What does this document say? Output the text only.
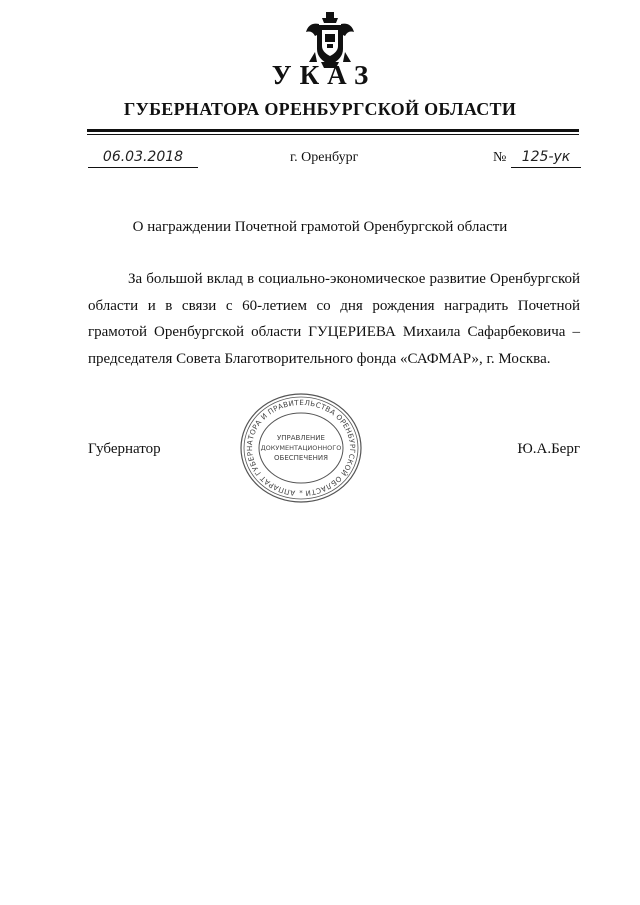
УКАЗ
ГУБЕРНАТОРА ОРЕНБУРГСКОЙ ОБЛАСТИ
06.03.2018	г. Оренбург	№	125-ук
О награждении Почетной грамотой Оренбургской области
За большой вклад в социально-экономическое развитие Оренбургской области и в связи с 60-летием со дня рождения наградить Почетной грамотой Оренбургской области ГУЦЕРИЕВА Михаила Сафарбековича – председателя Совета Благотворительного фонда «САФМАР», г. Москва.
Губернатор	Ю.А.Берг
АППАРАТ ГУБЕРНАТОРА И ПРАВИТЕЛЬСТВА ОРЕНБУРГСКОЙ ОБЛАСТИ
УПРАВЛЕНИЕ
ДОКУМЕНТАЦИОННОГО
ОБЕСПЕЧЕНИЯ
*
